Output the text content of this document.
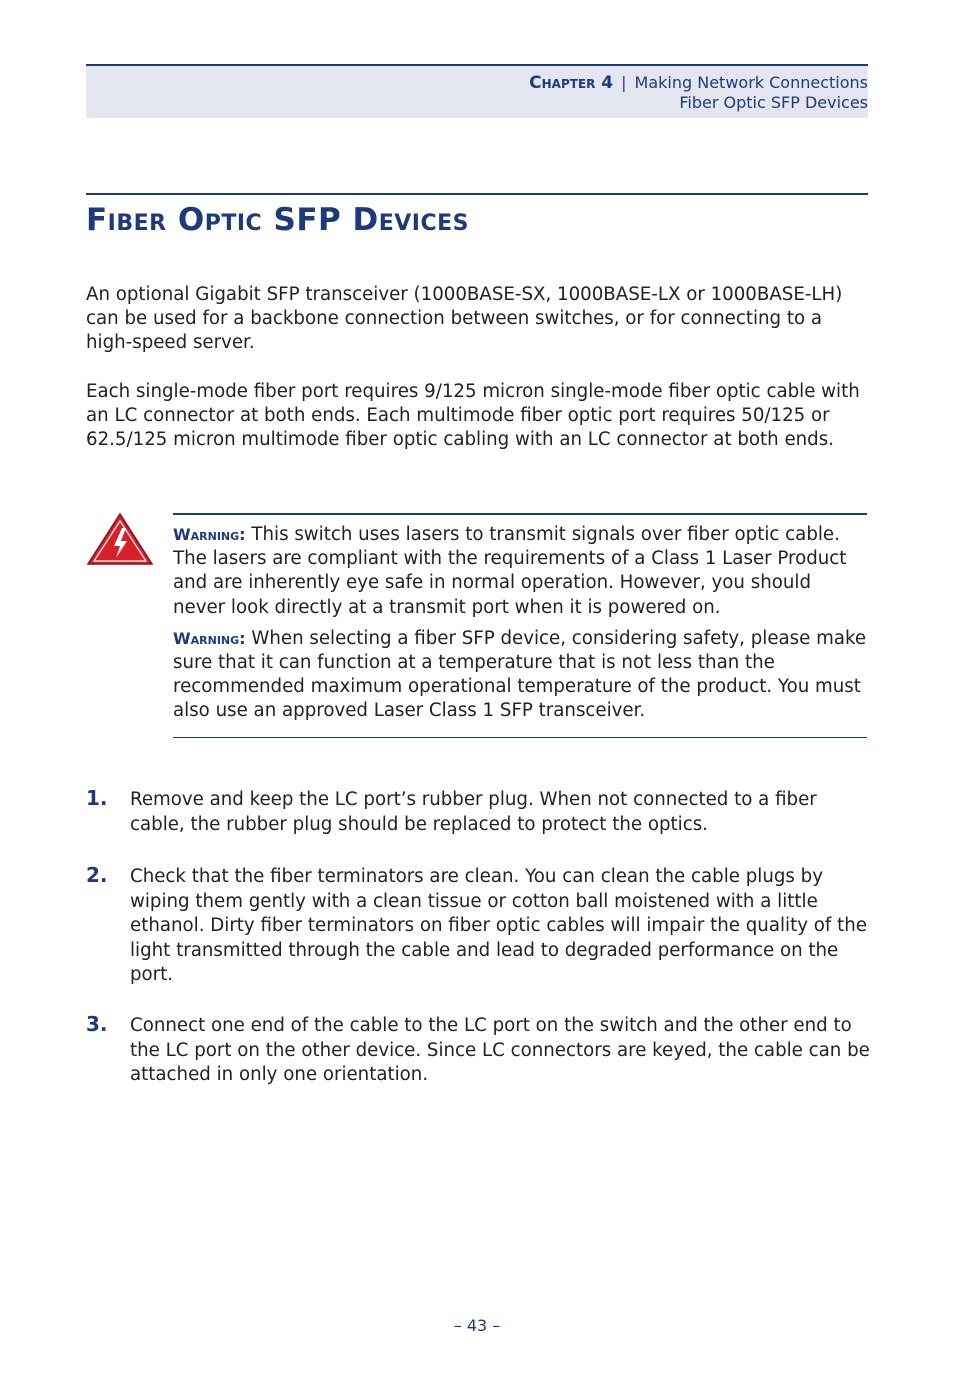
Chapter 4 | Making Network Connections
Fiber Optic SFP Devices
Fiber Optic SFP Devices

An optional Gigabit SFP transceiver (1000BASE-SX, 1000BASE-LX or 1000BASE-LH) can be used for a backbone connection between switches, or for connecting to a high-speed server.

Each single-mode fiber port requires 9/125 micron single-mode fiber optic cable with an LC connector at both ends. Each multimode fiber optic port requires 50/125 or 62.5/125 micron multimode fiber optic cabling with an LC connector at both ends.

Warning: This switch uses lasers to transmit signals over fiber optic cable. The lasers are compliant with the requirements of a Class 1 Laser Product and are inherently eye safe in normal operation. However, you should never look directly at a transmit port when it is powered on.

Warning: When selecting a fiber SFP device, considering safety, please make sure that it can function at a temperature that is not less than the recommended maximum operational temperature of the product. You must also use an approved Laser Class 1 SFP transceiver.

1. Remove and keep the LC port’s rubber plug. When not connected to a fiber cable, the rubber plug should be replaced to protect the optics.

2. Check that the fiber terminators are clean. You can clean the cable plugs by wiping them gently with a clean tissue or cotton ball moistened with a little ethanol. Dirty fiber terminators on fiber optic cables will impair the quality of the light transmitted through the cable and lead to degraded performance on the port.

3. Connect one end of the cable to the LC port on the switch and the other end to the LC port on the other device. Since LC connectors are keyed, the cable can be attached in only one orientation.

– 43 –
